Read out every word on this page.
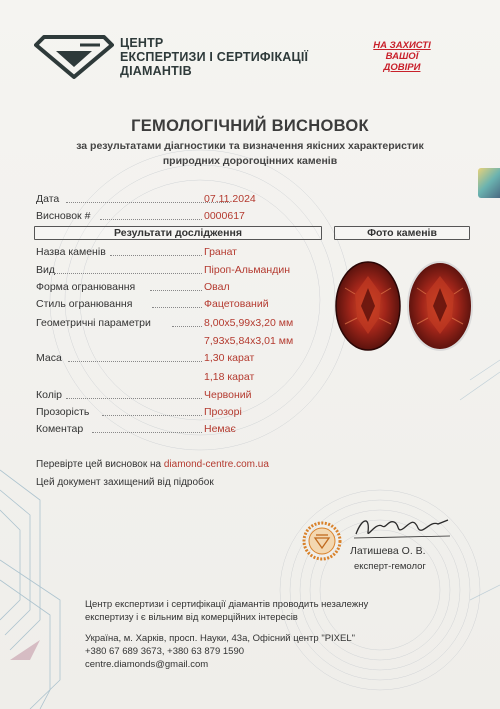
ЦЕНТР
ЕКСПЕРТИЗИ І СЕРТИФІКАЦІЇ
ДІАМАНТІВ
НА ЗАХИСТІ
ВАШОЇ
ДОВІРИ
ГЕМОЛОГІЧНИЙ ВИСНОВОК
за результатами діагностики та визначення якісних характеристик
природних дорогоцінних каменів
Дата	07.11.2024
Висновок #	0000617
Результати дослідження	Фото каменів
Назва каменів	Гранат
Вид	Піроп-Альмандин
Форма огранювання	Овал
Стиль огранювання	Фацетований
Геометричні параметри	8,00х5,99х3,20 мм
7,93х5,84х3,01 мм
Маса	1,30 карат
1,18 карат
Колір	Червоний
Прозорість	Прозорі
Коментар	Немає
Перевірте цей висновок на diamond-centre.com.ua
Цей документ захищений від підробок
Латишева О. В.
експерт-гемолог
Центр експертизи і сертифікації діамантів проводить незалежну
експертизу і є вільним від комерційних інтересів
Україна, м. Харків, просп. Науки, 43а, Офісний центр "PIXEL"
+380 67 689 3673, +380 63 879 1590
centre.diamonds@gmail.com
